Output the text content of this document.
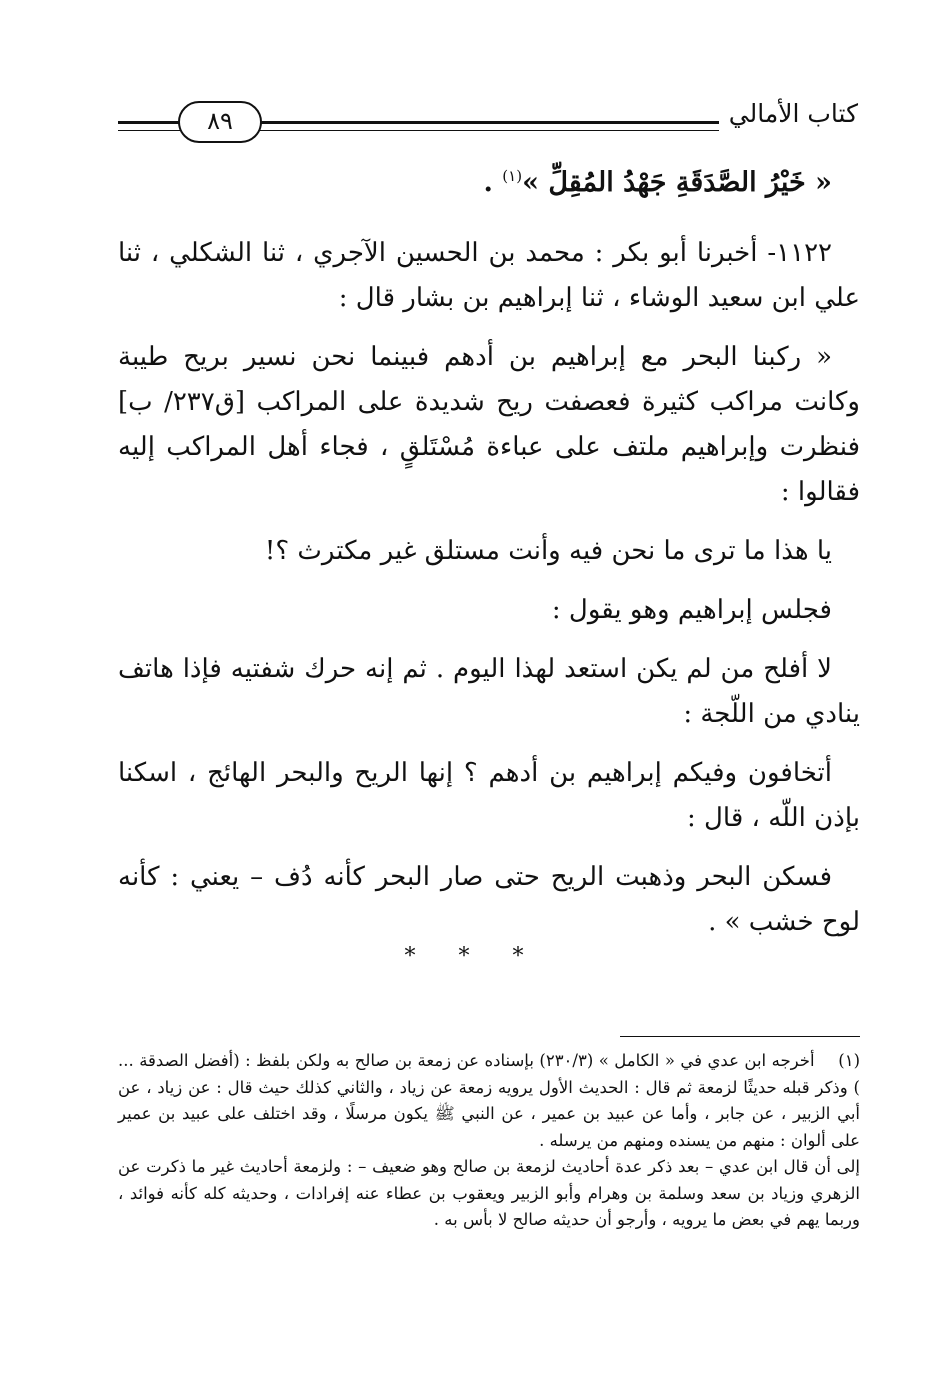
كتاب الأمالي
٨٩

« خَيْرُ الصَّدَقَةِ جَهْدُ المُقِلِّ »$^{(١)}$ .

١١٢٢- أخبرنا أبو بكر : محمد بن الحسين الآجري ، ثنا الشكلي ، ثنا علي ابن سعيد الوشاء ، ثنا إبراهيم بن بشار قال :

« ركبنا البحر مع إبراهيم بن أدهم فبينما نحن نسير بريح طيبة وكانت مراكب كثيرة فعصفت ريح شديدة على المراكب [ق٢٣٧/ ب] فنظرت وإبراهيم ملتف على عباءة مُسْتَلقٍ ، فجاء أهل المراكب إليه فقالوا :

يا هذا ما ترى ما نحن فيه وأنت مستلق غير مكترث ؟!

فجلس إبراهيم وهو يقول :

لا أفلح من لم يكن استعد لهذا اليوم . ثم إنه حرك شفتيه فإذا هاتف ينادي من اللّجة :

أتخافون وفيكم إبراهيم بن أدهم ؟ إنها الريح والبحر الهائج ، اسكنا بإذن اللّه ، قال :

فسكن البحر وذهبت الريح حتى صار البحر كأنه دُف – يعني : كأنه لوح خشب » .

* * *

(١) أخرجه ابن عدي في « الكامل » (٢٣٠/٣) بإسناده عن زمعة بن صالح به ولكن بلفظ : (أفضل الصدقة ... ) وذكر قبله حديثًا لزمعة ثم قال : الحديث الأول يرويه زمعة عن زياد ، والثاني كذلك حيث قال : عن زياد ، عن أبي الزبير ، عن جابر ، وأما عن عبيد بن عمير ، عن النبي ﷺ يكون مرسلًا ، وقد اختلف على عبيد بن عمير على ألوان : منهم من يسنده ومنهم من يرسله .

إلى أن قال ابن عدي – بعد ذكر عدة أحاديث لزمعة بن صالح وهو ضعيف – : ولزمعة أحاديث غير ما ذكرت عن الزهري وزياد بن سعد وسلمة بن وهرام وأبو الزبير ويعقوب بن عطاء عنه إفرادات ، وحديثه كله كأنه فوائد ، وربما يهم في بعض ما يرويه ، وأرجو أن حديثه صالح لا بأس به .
